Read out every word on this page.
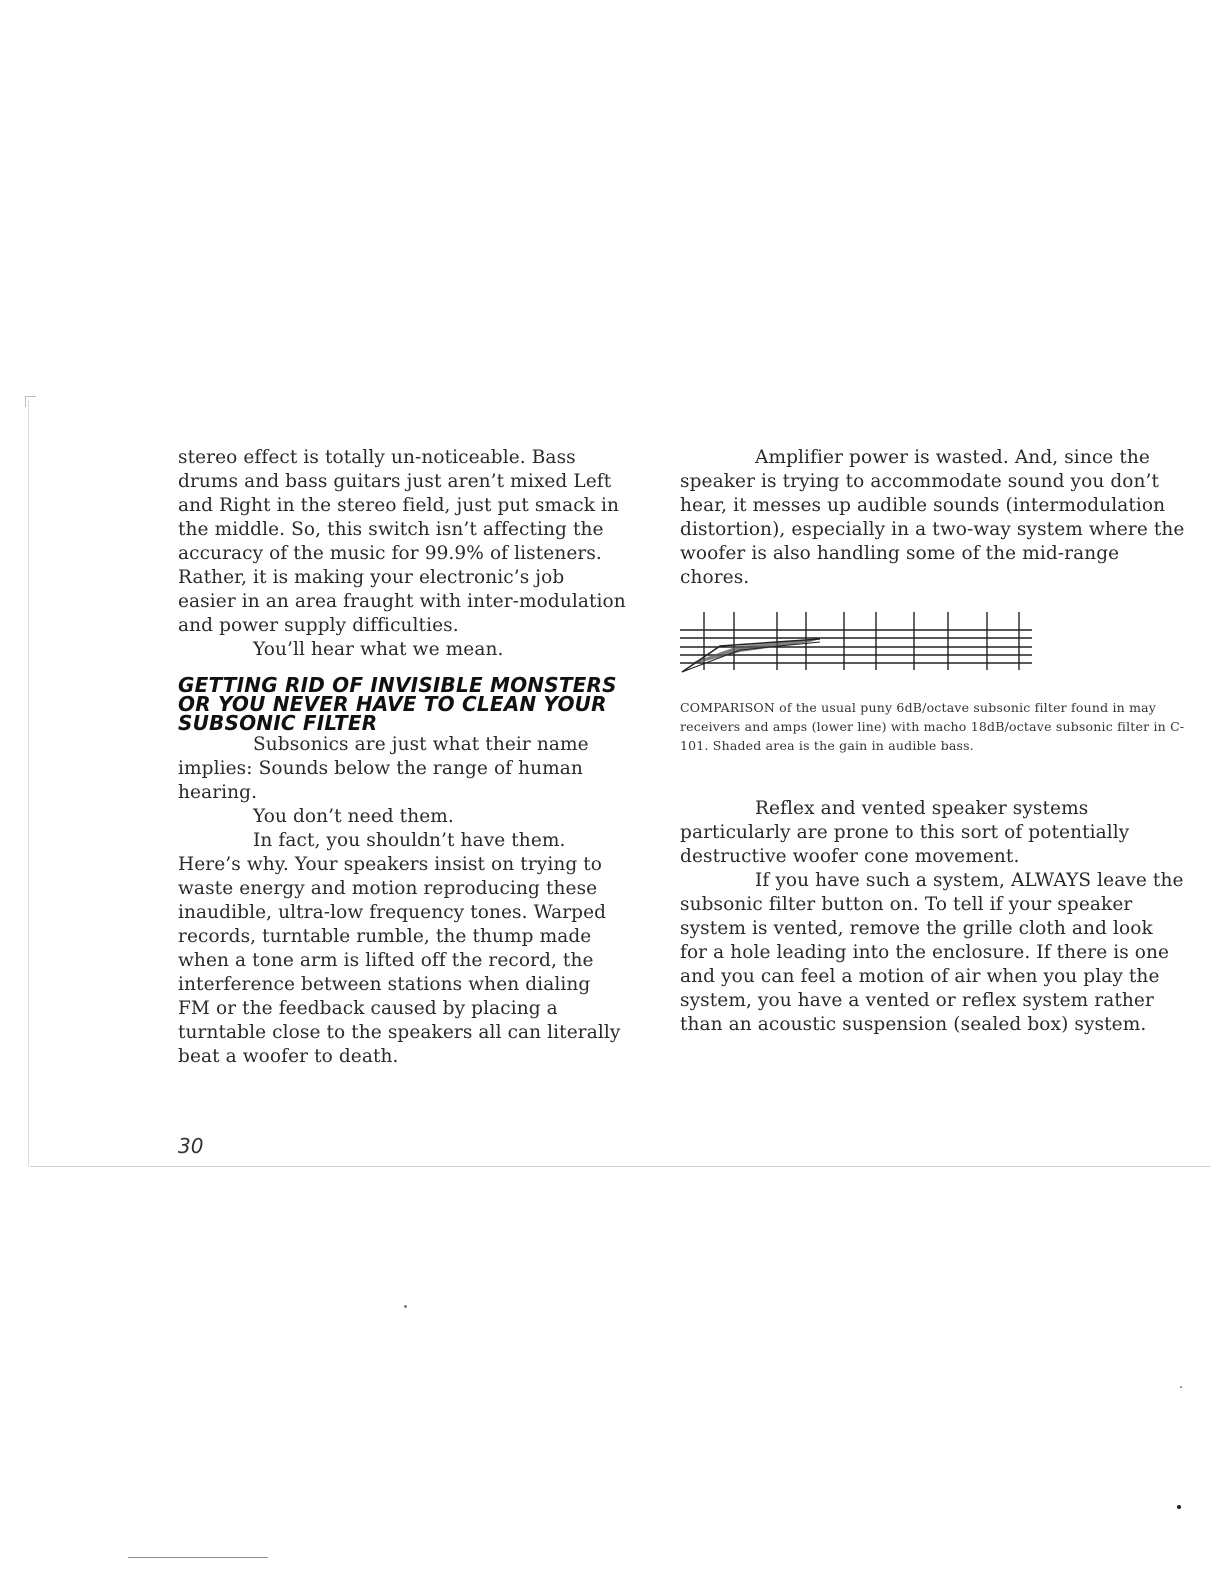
stereo effect is totally un-noticeable. Bass drums and bass guitars just aren’t mixed Left and Right in the stereo field, just put smack in the middle. So, this switch isn’t affecting the accuracy of the music for 99.9% of listeners. Rather, it is making your electronic’s job easier in an area fraught with inter-modulation and power supply difficulties.

You’ll hear what we mean.

GETTING RID OF INVISIBLE MONSTERS OR YOU NEVER HAVE TO CLEAN YOUR SUBSONIC FILTER

Subsonics are just what their name implies: Sounds below the range of human hearing.

You don’t need them.

In fact, you shouldn’t have them. Here’s why. Your speakers insist on trying to waste energy and motion reproducing these inaudible, ultra-low frequency tones. Warped records, turntable rumble, the thump made when a tone arm is lifted off the record, the interference between stations when dialing FM or the feedback caused by placing a turntable close to the speakers all can literally beat a woofer to death.

Amplifier power is wasted. And, since the speaker is trying to accommodate sound you don’t hear, it messes up audible sounds (intermodulation distortion), especially in a two-way system where the woofer is also handling some of the mid-range chores.

COMPARISON of the usual puny 6dB/octave subsonic filter found in may receivers and amps (lower line) with macho 18dB/octave subsonic filter in C-101. Shaded area is the gain in audible bass.

Reflex and vented speaker systems particularly are prone to this sort of potentially destructive woofer cone movement.

If you have such a system, ALWAYS leave the subsonic filter button on. To tell if your speaker system is vented, remove the grille cloth and look for a hole leading into the enclosure. If there is one and you can feel a motion of air when you play the system, you have a vented or reflex system rather than an acoustic suspension (sealed box) system.

30
